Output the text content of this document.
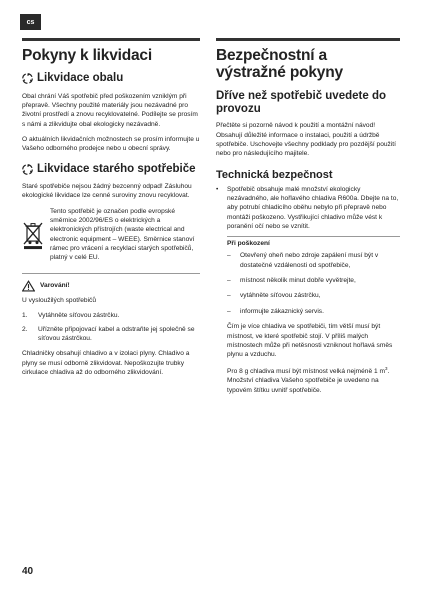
cs
Pokyny k likvidaci
Likvidace obalu

Obal chrání Váš spotřebič před poškozením vzniklým při přepravě. Všechny použité materiály jsou nezávadné pro životní prostředí a znovu recyklovatelné. Podílejte se prosím s námi a zlikvidujte obal ekologicky nezávadně.

O aktuálních likvidačních možnostech se prosím informujte u Vašeho odborného prodejce nebo u obecní správy.

Likvidace starého spotřebiče

Staré spotřebiče nejsou žádný bezcenný odpad! Zásluhou ekologické likvidace lze cenné suroviny znovu recyklovat.

Tento spotřebič je označen podle evropské směrnice 2002/96/ES o elektrických a elektronických přístrojích (waste electrical and electronic equipment – WEEE). Směrnice stanoví rámec pro vrácení a recyklaci starých spotřebičů, platný v celé EU.

Varování!

U vysloužilých spotřebičů

1.	Vytáhněte síťovou zástrčku.
2.	Uřízněte připojovací kabel a odstraňte jej společně se síťovou zástrčkou.

Chladničky obsahují chladivo a v izolaci plyny. Chladivo a plyny se musí odborně zlikvidovat. Nepoškozujte trubky cirkulace chladiva až do odborného zlikvidování.

Bezpečnostní a výstražné pokyny
Dříve než spotřebič uvedete do provozu

Přečtěte si pozorně návod k použití a montážní návod! Obsahují důležité informace o instalaci, použití a údržbě spotřebiče. Uschovejte všechny podklady pro pozdější použití nebo pro následujícího majitele.

Technická bezpečnost
•	Spotřebič obsahuje malé množství ekologicky nezávadného, ale hořlavého chladiva R600a. Dbejte na to, aby potrubí chladicího oběhu nebylo při přepravě nebo montáži poškozeno. Vystřikující chladivo může vést k poranění očí nebo se vznítit.
Při poškození
–	Otevřený oheň nebo zdroje zapálení musí být v dostatečné vzdálenosti od spotřebiče,
–	místnost několik minut dobře vyvětrejte,
–	vytáhněte síťovou zástrčku,
–	informujte zákaznický servis.

Čím je více chladiva ve spotřebiči, tím větší musí být místnost, ve které spotřebič stojí. V příliš malých místnostech může při netěsnosti vzniknout hořlavá směs plynu a vzduchu.

Pro 8 g chladiva musí být místnost velká nejméně 1 $m^3$. Množství chladiva Vašeho spotřebiče je uvedeno na typovém štítku uvnitř spotřebiče.

40
